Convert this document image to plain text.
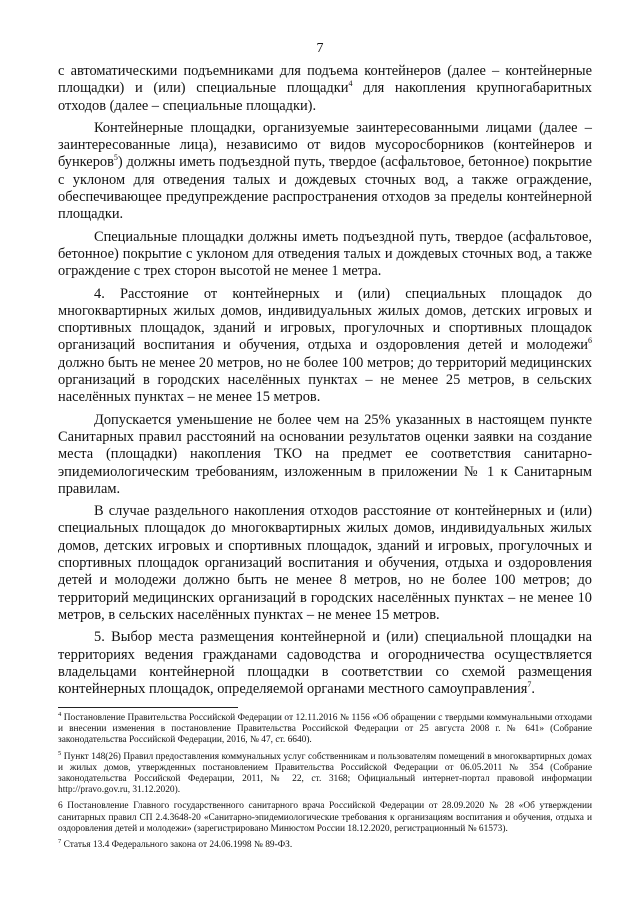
7

с автоматическими подъемниками для подъема контейнеров (далее – контейнерные площадки) и (или) специальные площадки$^4$ для накопления крупногабаритных отходов (далее – специальные площадки).

Контейнерные площадки, организуемые заинтересованными лицами (далее – заинтересованные лица), независимо от видов мусоросборников (контейнеров и бункеров$^5$) должны иметь подъездной путь, твердое (асфальтовое, бетонное) покрытие с уклоном для отведения талых и дождевых сточных вод, а также ограждение, обеспечивающее предупреждение распространения отходов за пределы контейнерной площадки.

Специальные площадки должны иметь подъездной путь, твердое (асфальтовое, бетонное) покрытие с уклоном для отведения талых и дождевых сточных вод, а также ограждение с трех сторон высотой не менее 1 метра.

4. Расстояние от контейнерных и (или) специальных площадок до многоквартирных жилых домов, индивидуальных жилых домов, детских игровых и спортивных площадок, зданий и игровых, прогулочных и спортивных площадок организаций воспитания и обучения, отдыха и оздоровления детей и молодежи$^6$ должно быть не менее 20 метров, но не более 100 метров; до территорий медицинских организаций в городских населённых пунктах – не менее 25 метров, в сельских населённых пунктах – не менее 15 метров.

Допускается уменьшение не более чем на 25% указанных в настоящем пункте Санитарных правил расстояний на основании результатов оценки заявки на создание места (площадки) накопления ТКО на предмет ее соответствия санитарно-эпидемиологическим требованиям, изложенным в приложении № 1 к Санитарным правилам.

В случае раздельного накопления отходов расстояние от контейнерных и (или) специальных площадок до многоквартирных жилых домов, индивидуальных жилых домов, детских игровых и спортивных площадок, зданий и игровых, прогулочных и спортивных площадок организаций воспитания и обучения, отдыха и оздоровления детей и молодежи должно быть не менее 8 метров, но не более 100 метров; до территорий медицинских организаций в городских населённых пунктах – не менее 10 метров, в сельских населённых пунктах – не менее 15 метров.

5. Выбор места размещения контейнерной и (или) специальной площадки на территориях ведения гражданами садоводства и огородничества осуществляется владельцами контейнерной площадки в соответствии со схемой размещения контейнерных площадок, определяемой органами местного самоуправления$^7$.

$^4$ Постановление Правительства Российской Федерации от 12.11.2016 № 1156 «Об обращении с твердыми коммунальными отходами и внесении изменения в постановление Правительства Российской Федерации от 25 августа 2008 г. № 641» (Собрание законодательства Российской Федерации, 2016, № 47, ст. 6640).

$^5$ Пункт 148(26) Правил предоставления коммунальных услуг собственникам и пользователям помещений в многоквартирных домах и жилых домов, утвержденных постановлением Правительства Российской Федерации от 06.05.2011 № 354 (Собрание законодательства Российской Федерации, 2011, № 22, ст. 3168; Официальный интернет-портал правовой информации http://pravo.gov.ru, 31.12.2020).

6 Постановление Главного государственного санитарного врача Российской Федерации от 28.09.2020 № 28 «Об утверждении санитарных правил СП 2.4.3648-20 «Санитарно-эпидемиологические требования к организациям воспитания и обучения, отдыха и оздоровления детей и молодежи» (зарегистрировано Минюстом России 18.12.2020, регистрационный № 61573).

$^7$ Статья 13.4 Федерального закона от 24.06.1998 № 89-ФЗ.
